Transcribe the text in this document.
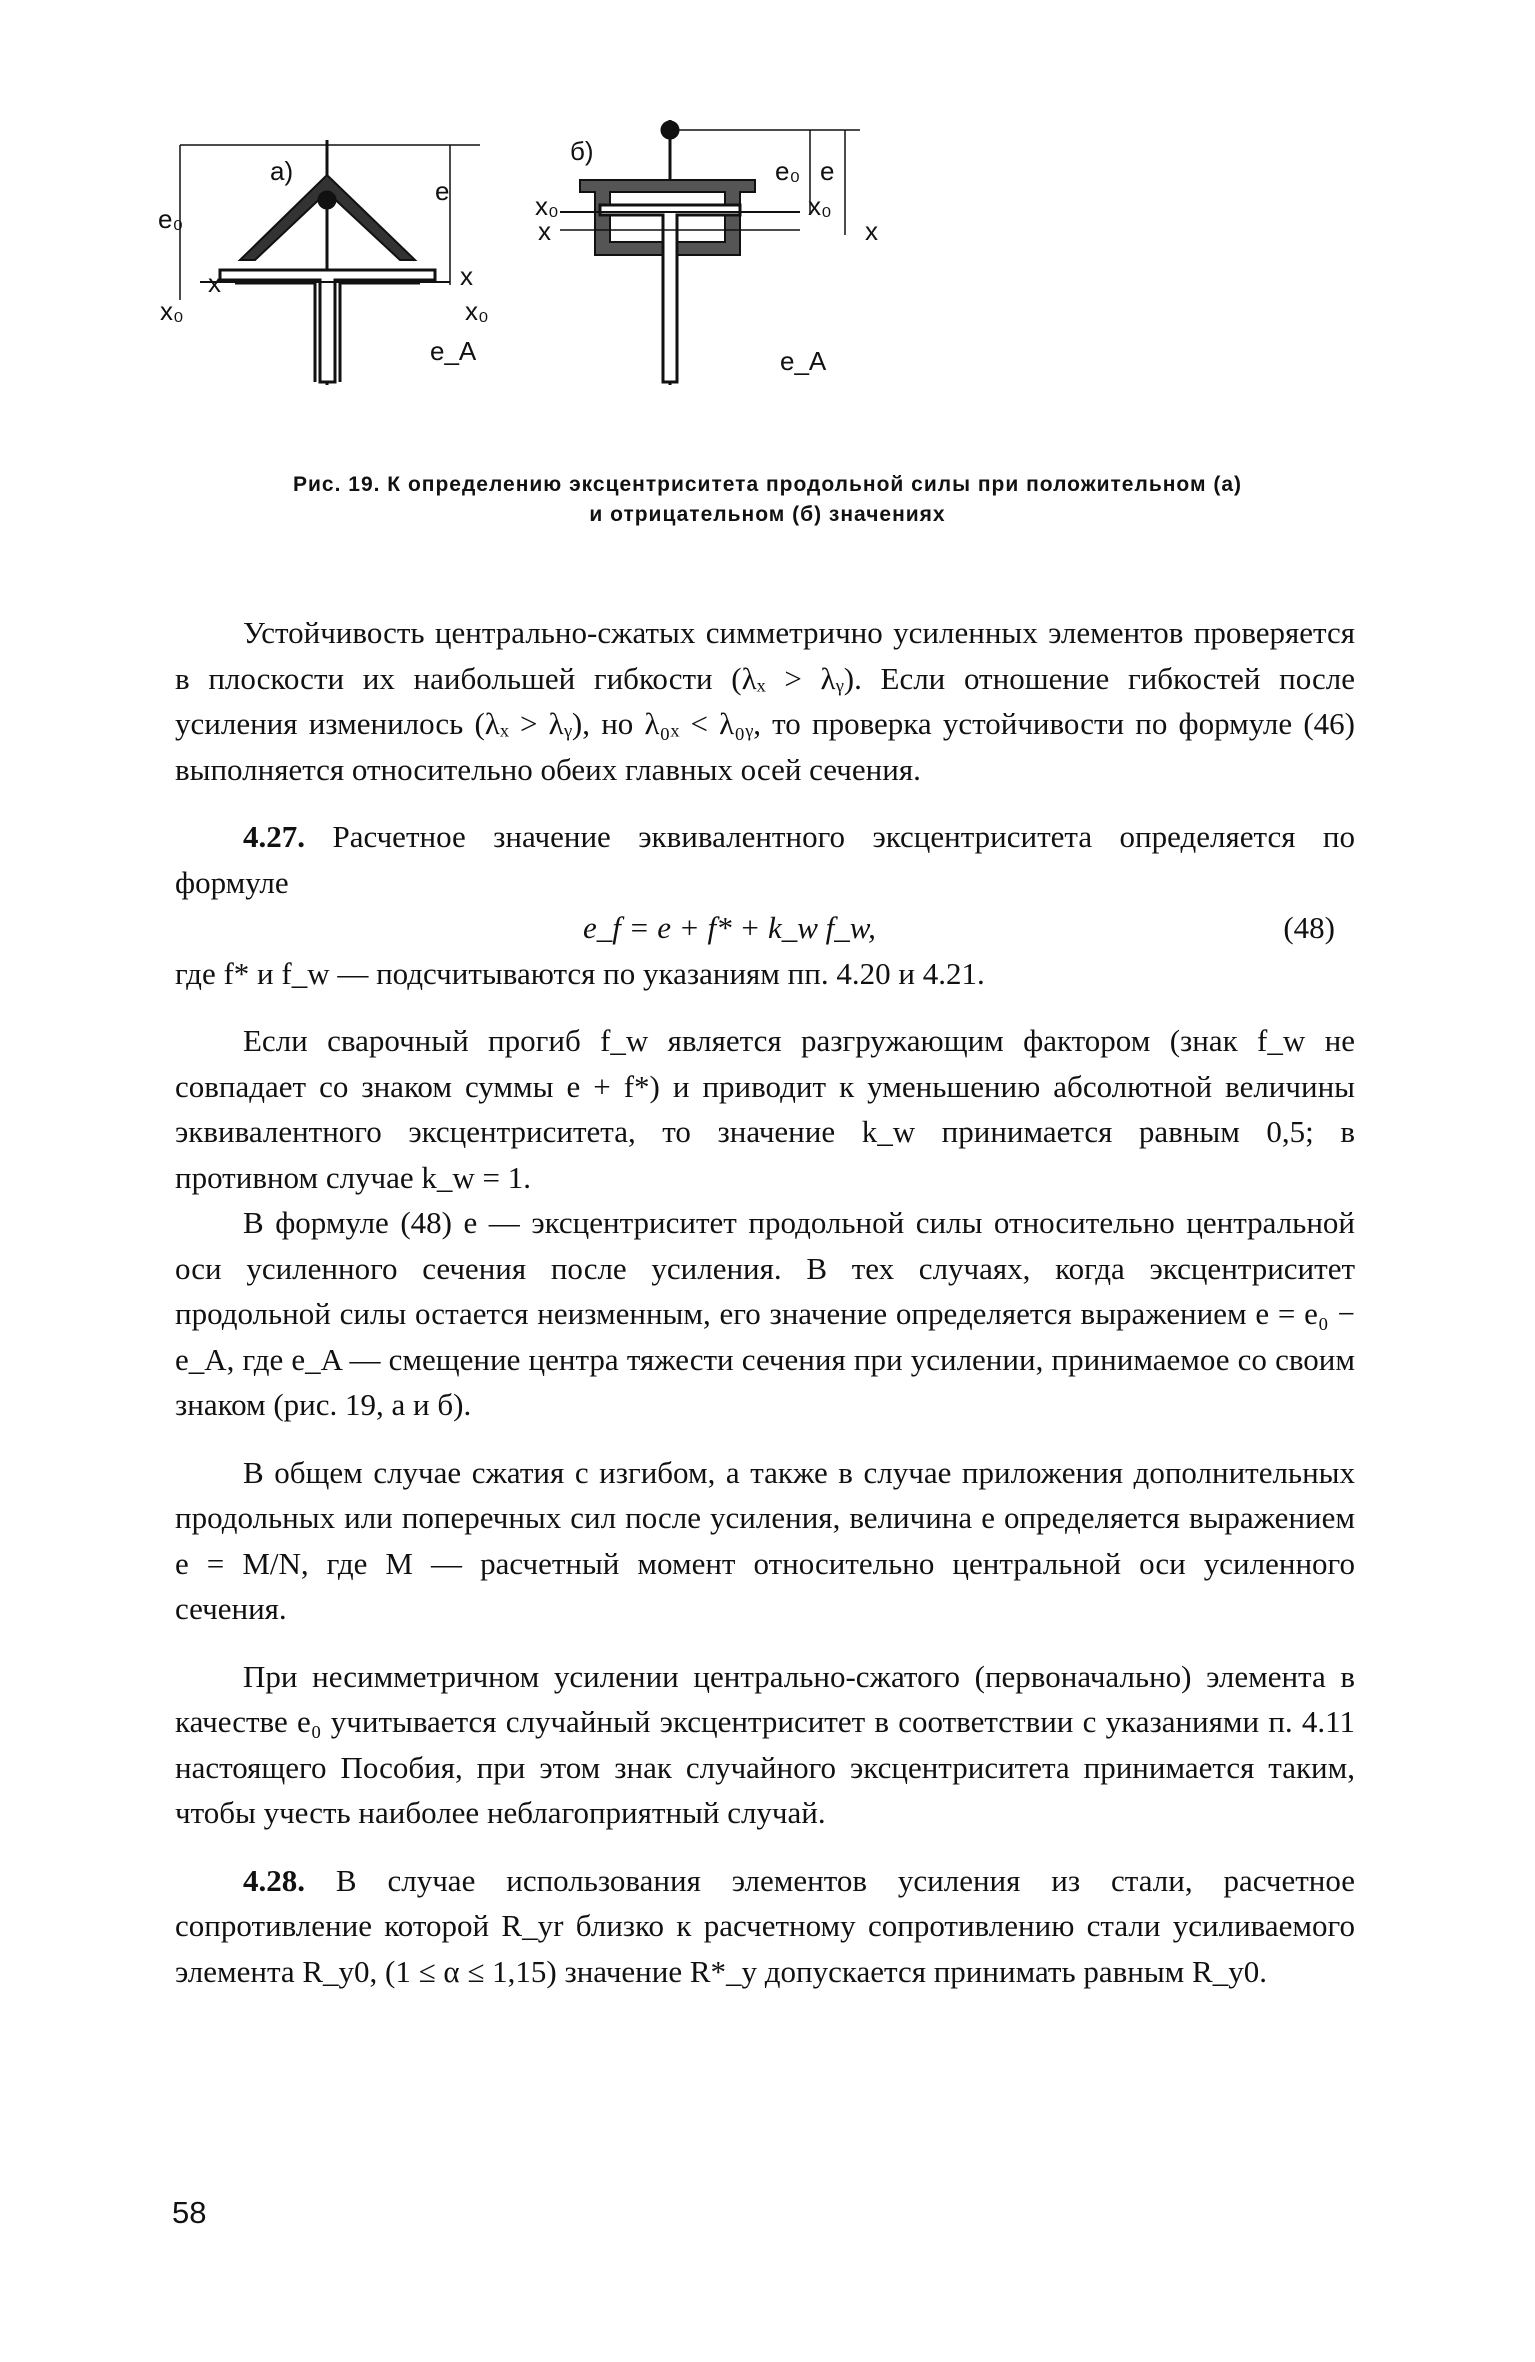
а)
e₀
x₀
x	x
x₀
e
e_A
б)
x₀
x
x₀
x
e₀ e
e_A
Рис. 19. К определению эксцентриситета продольной силы при положительном (а)
и отрицательном (б) значениях

Устойчивость центрально-сжатых симметрично усиленных элементов проверяется в плоскости их наибольшей гибкости (λₓ > λᵧ). Если отношение гибкостей после усиления изменилось (λₓ > λᵧ), но λ₀ₓ < λ₀ᵧ, то проверка устойчивости по формуле (46) выполняется относительно обеих главных осей сечения.

4.27. Расчетное значение эквивалентного эксцентриситета определяется по формуле

e_f = e + f* + k_w f_w,	(48)

где f* и f_w — подсчитываются по указаниям пп. 4.20 и 4.21.

Если сварочный прогиб f_w является разгружающим фактором (знак f_w не совпадает со знаком суммы e + f*) и приводит к уменьшению абсолютной величины эквивалентного эксцентриситета, то значение k_w принимается равным 0,5; в противном случае k_w = 1.

В формуле (48) e — эксцентриситет продольной силы относительно центральной оси усиленного сечения после усиления. В тех случаях, когда эксцентриситет продольной силы остается неизменным, его значение определяется выражением e = e₀ − e_A, где e_A — смещение центра тяжести сечения при усилении, принимаемое со своим знаком (рис. 19, а и б).

В общем случае сжатия с изгибом, а также в случае приложения дополнительных продольных или поперечных сил после усиления, величина e определяется выражением e = M/N, где M — расчетный момент относительно центральной оси усиленного сечения.

При несимметричном усилении центрально-сжатого (первоначально) элемента в качестве e₀ учитывается случайный эксцентриситет в соответствии с указаниями п. 4.11 настоящего Пособия, при этом знак случайного эксцентриситета принимается таким, чтобы учесть наиболее неблагоприятный случай.

4.28. В случае использования элементов усиления из стали, расчетное сопротивление которой R_yr близко к расчетному сопротивлению стали усиливаемого элемента R_y0, (1 ≤ α ≤ 1,15) значение R*_y допускается принимать равным R_y0.

58
